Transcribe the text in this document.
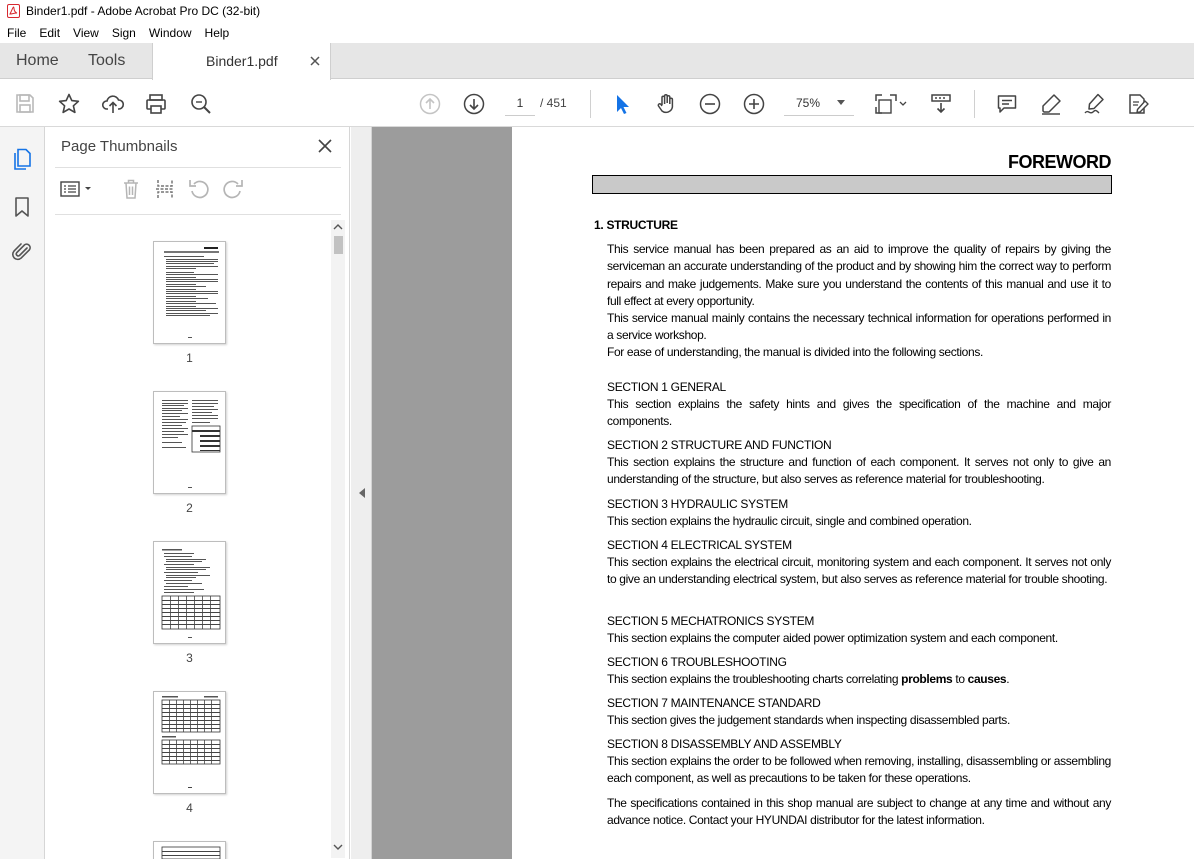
Binder1.pdf - Adobe Acrobat Pro DC (32-bit)
File	Edit	View	Sign	Window	Help
Home Tools	Binder1.pdf
1
/ 451	75%
Page Thumbnails
1
2
3
4
FOREWORD
1. STRUCTURE
This service manual has been prepared as an aid to improve the quality of repairs by giving the serviceman an accurate understanding of the product and by showing him the correct way to perform repairs and make judgements. Make sure you understand the contents of this manual and use it to full effect at every opportunity.
This service manual mainly contains the necessary technical information for operations performed in a service workshop.
For ease of understanding, the manual is divided into the following sections.
SECTION 1 GENERAL
This section explains the safety hints and gives the specification of the machine and major components.
SECTION 2 STRUCTURE AND FUNCTION
This section explains the structure and function of each component. It serves not only to give an understanding of the structure, but also serves as reference material for troubleshooting.
SECTION 3 HYDRAULIC SYSTEM
This section explains the hydraulic circuit, single and combined operation.
SECTION 4 ELECTRICAL SYSTEM
This section explains the electrical circuit, monitoring system and each component. It serves not only to give an understanding electrical system, but also serves as reference material for trouble shooting.
SECTION 5 MECHATRONICS SYSTEM
This section explains the computer aided power optimization system and each component.
SECTION 6 TROUBLESHOOTING
This section explains the troubleshooting charts correlating problems to causes.
SECTION 7 MAINTENANCE STANDARD
This section gives the judgement standards when inspecting disassembled parts.
SECTION 8 DISASSEMBLY AND ASSEMBLY
This section explains the order to be followed when removing, installing, disassembling or assembling each component, as well as precautions to be taken for these operations.
The specifications contained in this shop manual are subject to change at any time and without any advance notice. Contact your HYUNDAI distributor for the latest information.
